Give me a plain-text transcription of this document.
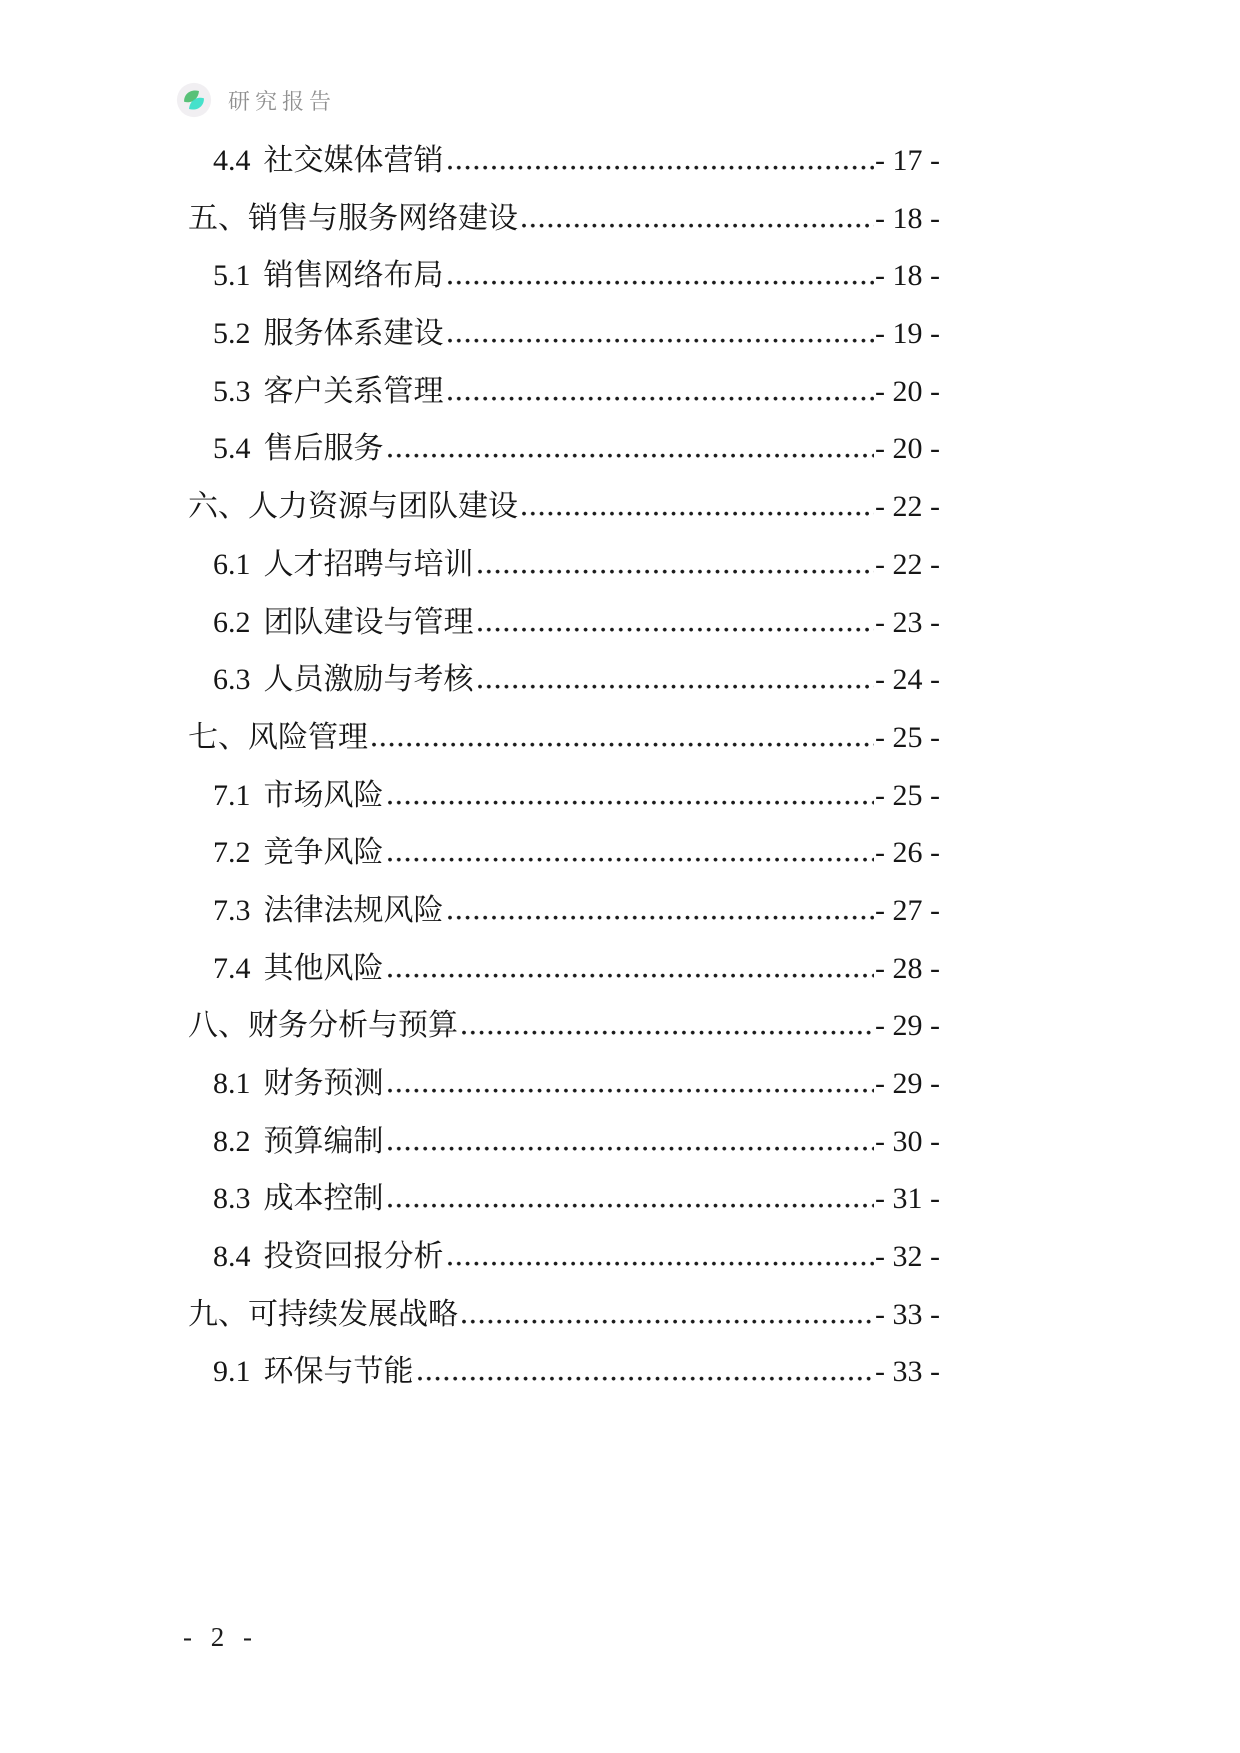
研究报告
4.4 社交媒体营销	- 17 -
五、 销售与服务网络建设	- 18 -
5.1 销售网络布局	- 18 -
5.2 服务体系建设	- 19 -
5.3 客户关系管理	- 20 -
5.4 售后服务	- 20 -
六、 人力资源与团队建设	- 22 -
6.1 人才招聘与培训	- 22 -
6.2 团队建设与管理	- 23 -
6.3 人员激励与考核	- 24 -
七、 风险管理	- 25 -
7.1 市场风险	- 25 -
7.2 竞争风险	- 26 -
7.3 法律法规风险	- 27 -
7.4 其他风险	- 28 -
八、 财务分析与预算	- 29 -
8.1 财务预测	- 29 -
8.2 预算编制	- 30 -
8.3 成本控制	- 31 -
8.4 投资回报分析	- 32 -
九、 可持续发展战略	- 33 -
9.1 环保与节能	- 33 -
- 2 -
